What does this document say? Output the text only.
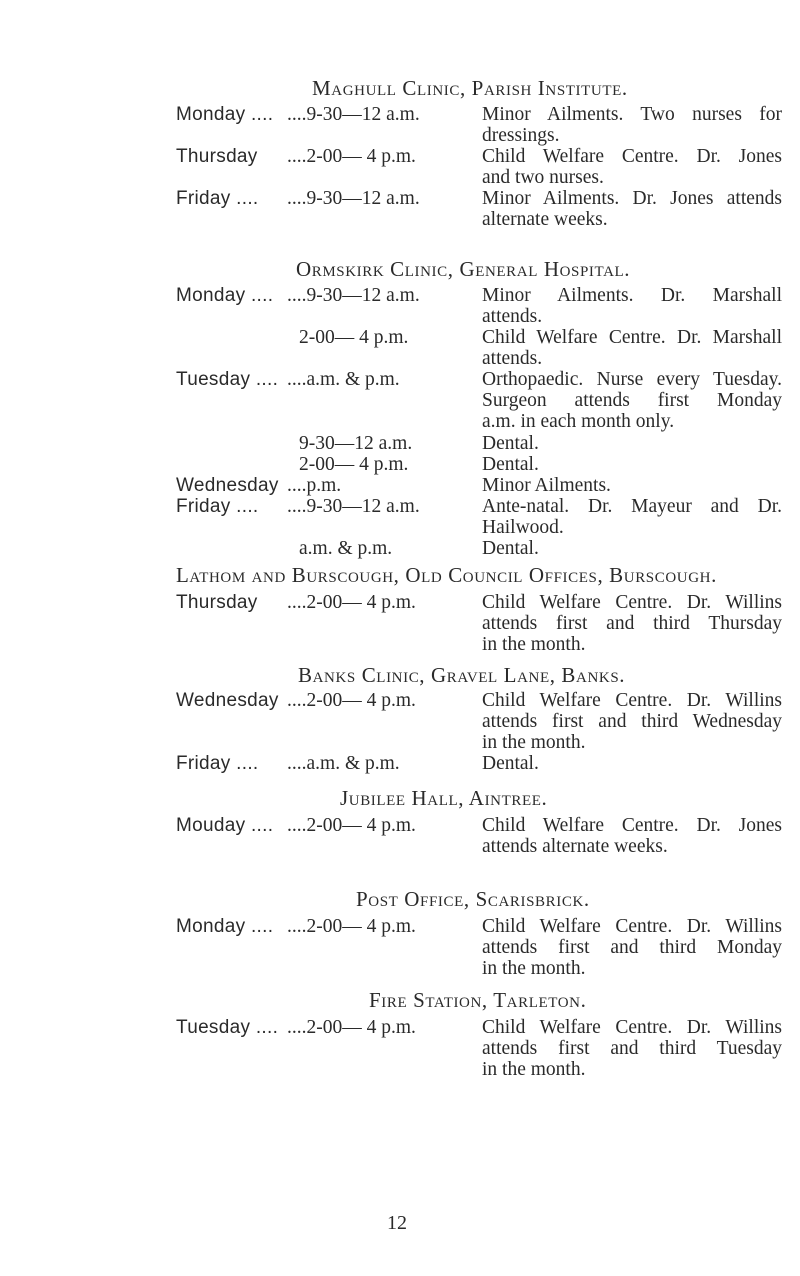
Maghull Clinic, Parish Institute.
Monday .... ....9-30—12 a.m.	Minor Ailments. Two nurses for
dressings.
Thursday ....2-00— 4 p.m.	Child Welfare Centre. Dr. Jones
and two nurses.
Friday .... ....9-30—12 a.m.	Minor Ailments. Dr. Jones attends
alternate weeks.
Ormskirk Clinic, General Hospital.
Monday .... ....9-30—12 a.m.	Minor Ailments. Dr. Marshall
attends.
2-00— 4 p.m.	Child Welfare Centre. Dr. Marshall
attends.
Tuesday .... ....a.m. & p.m.	Orthopaedic. Nurse every Tuesday.
Surgeon attends first Monday
a.m. in each month only.
9-30—12 a.m.	Dental.
2-00— 4 p.m.	Dental.
Wednesday ....p.m.	Minor Ailments.
Friday .... ....9-30—12 a.m.	Ante-natal. Dr. Mayeur and Dr.
Hailwood.
a.m. & p.m.	Dental.
Lathom and Burscough, Old Council Offices, Burscough.
Thursday ....2-00— 4 p.m.	Child Welfare Centre. Dr. Willins
attends first and third Thursday
in the month.
Banks Clinic, Gravel Lane, Banks.
Wednesday ....2-00— 4 p.m.	Child Welfare Centre. Dr. Willins
attends first and third Wednesday
in the month.
Friday .... ....a.m. & p.m.	Dental.
Jubilee Hall, Aintree.
Mouday .... ....2-00— 4 p.m.	Child Welfare Centre. Dr. Jones
attends alternate weeks.
Post Office, Scarisbrick.
Monday .... ....2-00— 4 p.m.	Child Welfare Centre. Dr. Willins
attends first and third Monday
in the month.
Fire Station, Tarleton.
Tuesday .... ....2-00— 4 p.m.	Child Welfare Centre. Dr. Willins
attends first and third Tuesday
in the month.
12
